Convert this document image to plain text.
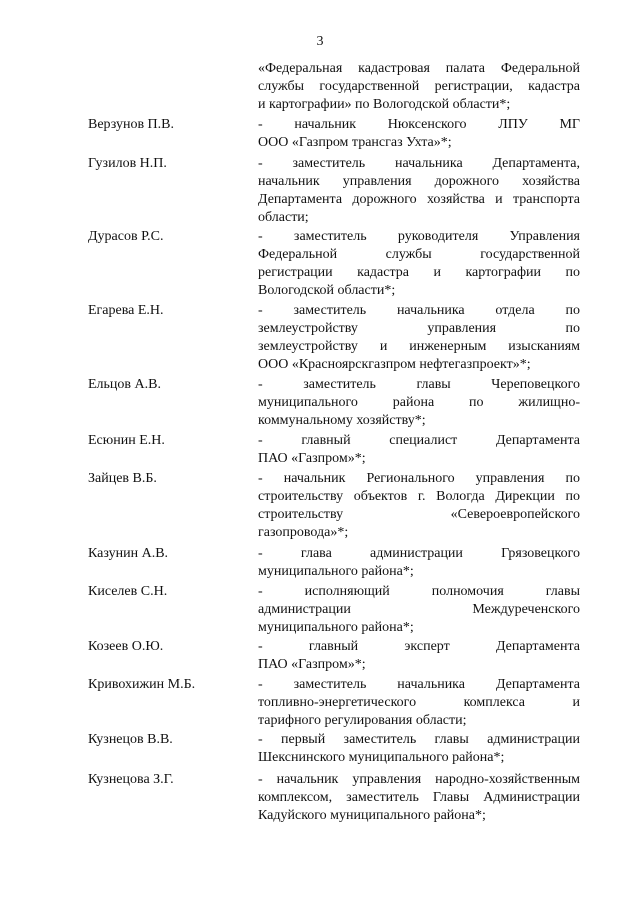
3
«Федеральная кадастровая палата Федеральной
службы государственной регистрации, кадастра
и картографии» по Вологодской области*;
Верзунов П.В.	- начальник Нюксенского ЛПУ МГ
ООО «Газпром трансгаз Ухта»*;
Гузилов Н.П.	- заместитель начальника Департамента,
начальник управления дорожного хозяйства
Департамента дорожного хозяйства и транспорта
области;
Дурасов Р.С.	- заместитель руководителя Управления
Федеральной службы государственной
регистрации кадастра и картографии по
Вологодской области*;
Егарева Е.Н.	- заместитель начальника отдела по
землеустройству управления по
землеустройству и инженерным изысканиям
ООО «Красноярскгазпром нефтегазпроект»*;
Ельцов А.В.	- заместитель главы Череповецкого
муниципального района по жилищно-
коммунальному хозяйству*;
Есюнин Е.Н.	- главный специалист Департамента
ПАО «Газпром»*;
Зайцев В.Б.	- начальник Регионального управления по
строительству объектов г. Вологда Дирекции по
строительству «Североевропейского
газопровода»*;
Казунин А.В.	- глава администрации Грязовецкого
муниципального района*;
Киселев С.Н.	- исполняющий полномочия главы
администрации Междуреченского
муниципального района*;
Козеев О.Ю.	- главный эксперт Департамента
ПАО «Газпром»*;
Кривохижин М.Б.	- заместитель начальника Департамента
топливно-энергетического комплекса и
тарифного регулирования области;
Кузнецов В.В.	- первый заместитель главы администрации
Шекснинского муниципального района*;
Кузнецова З.Г.	- начальник управления народно-хозяйственным
комплексом, заместитель Главы Администрации
Кадуйского муниципального района*;
